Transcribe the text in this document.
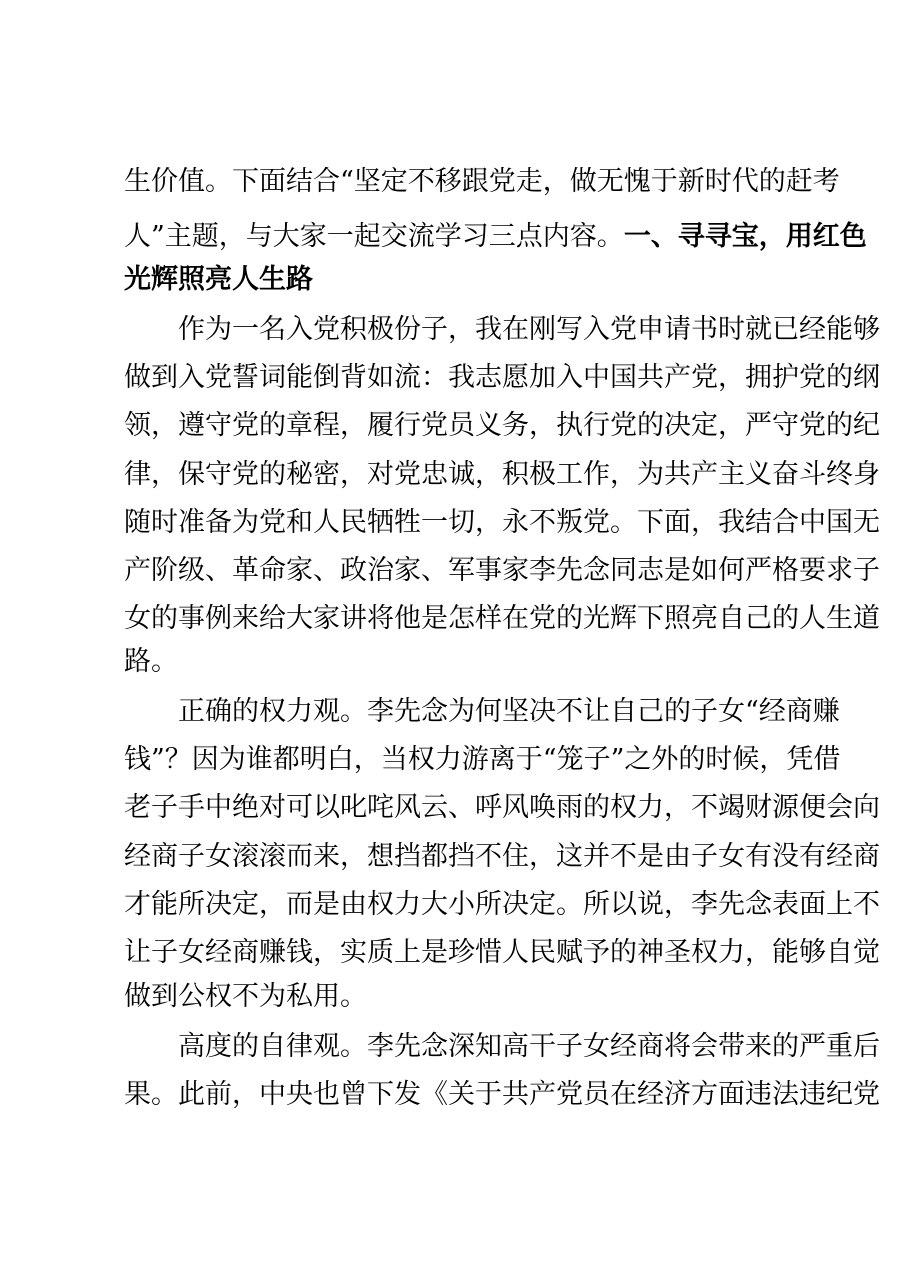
生价值。下面结合“坚定不移跟党走，做无愧于新时代的赶考
人”主题，与大家一起交流学习三点内容。一、寻寻宝，用红色
光辉照亮人生路
作为一名入党积极份子，我在刚写入党申请书时就已经能够
做到入党誓词能倒背如流：我志愿加入中国共产党，拥护党的纲
领，遵守党的章程，履行党员义务，执行党的决定，严守党的纪
律，保守党的秘密，对党忠诚，积极工作，为共产主义奋斗终身
随时准备为党和人民牺牲一切，永不叛党。下面，我结合中国无
产阶级、革命家、政治家、军事家李先念同志是如何严格要求子
女的事例来给大家讲将他是怎样在党的光辉下照亮自己的人生道
路。
正确的权力观。李先念为何坚决不让自己的子女“经商赚
钱”？因为谁都明白，当权力游离于“笼子”之外的时候，凭借
老子手中绝对可以叱咤风云、呼风唤雨的权力，不竭财源便会向
经商子女滚滚而来，想挡都挡不住，这并不是由子女有没有经商
才能所决定，而是由权力大小所决定。所以说，李先念表面上不
让子女经商赚钱，实质上是珍惜人民赋予的神圣权力，能够自觉
做到公权不为私用。
高度的自律观。李先念深知高干子女经商将会带来的严重后
果。此前，中央也曾下发《关于共产党员在经济方面违法违纪党
